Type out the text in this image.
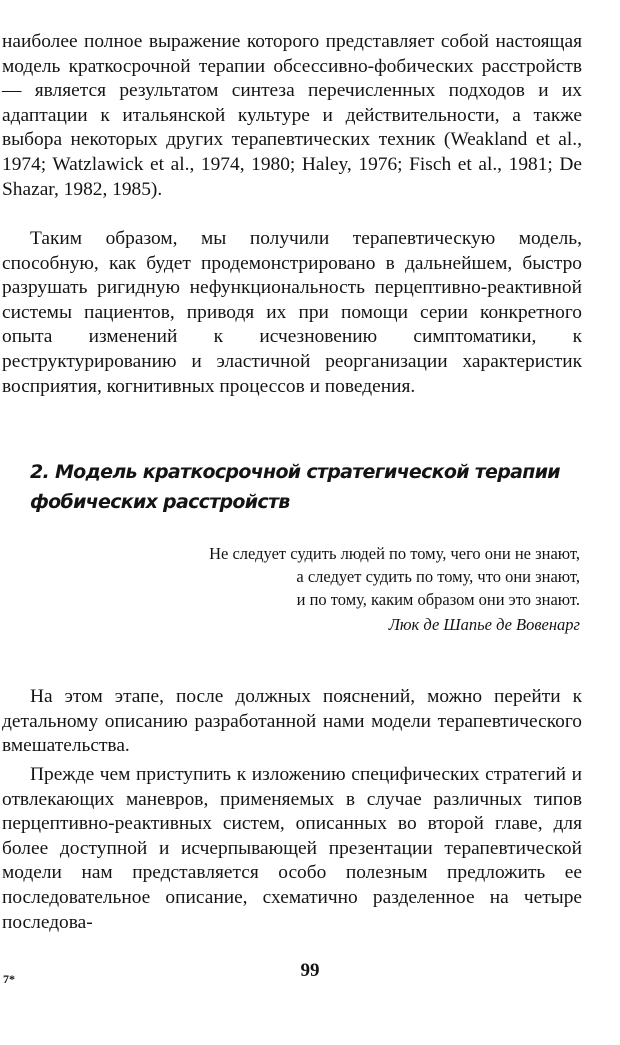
наиболее полное выражение которого представляет собой настоящая модель краткосрочной терапии обсессивно-фобических расстройств — является результатом синтеза перечисленных подходов и их адаптации к итальянской культуре и действительности, а также выбора некоторых других терапевтических техник (Weakland et al., 1974; Watzlawick et al., 1974, 1980; Haley, 1976; Fisch et al., 1981; De Shazar, 1982, 1985).

Таким образом, мы получили терапевтическую модель, способную, как будет продемонстрировано в дальнейшем, быстро разрушать ригидную нефункциональность перцептивно-реактивной системы пациентов, приводя их при помощи серии конкретного опыта изменений к исчезновению симптоматики, к реструктурированию и эластичной реорганизации характеристик восприятия, когнитивных процессов и поведения.

2. Модель краткосрочной стратегической терапии
фобических расстройств
Не следует судить людей по тому, чего они не знают,
а следует судить по тому, что они знают,
и по тому, каким образом они это знают.
Люк де Шапье де Вовенарг

На этом этапе, после должных пояснений, можно перейти к детальному описанию разработанной нами модели терапевтического вмешательства.

Прежде чем приступить к изложению специфических стратегий и отвлекающих маневров, применяемых в случае различных типов перцептивно-реактивных систем, описанных во второй главе, для более доступной и исчерпывающей презентации терапевтической модели нам представляется особо полезным предложить ее последовательное описание, схематично разделенное на четыре последова-

7*	99
